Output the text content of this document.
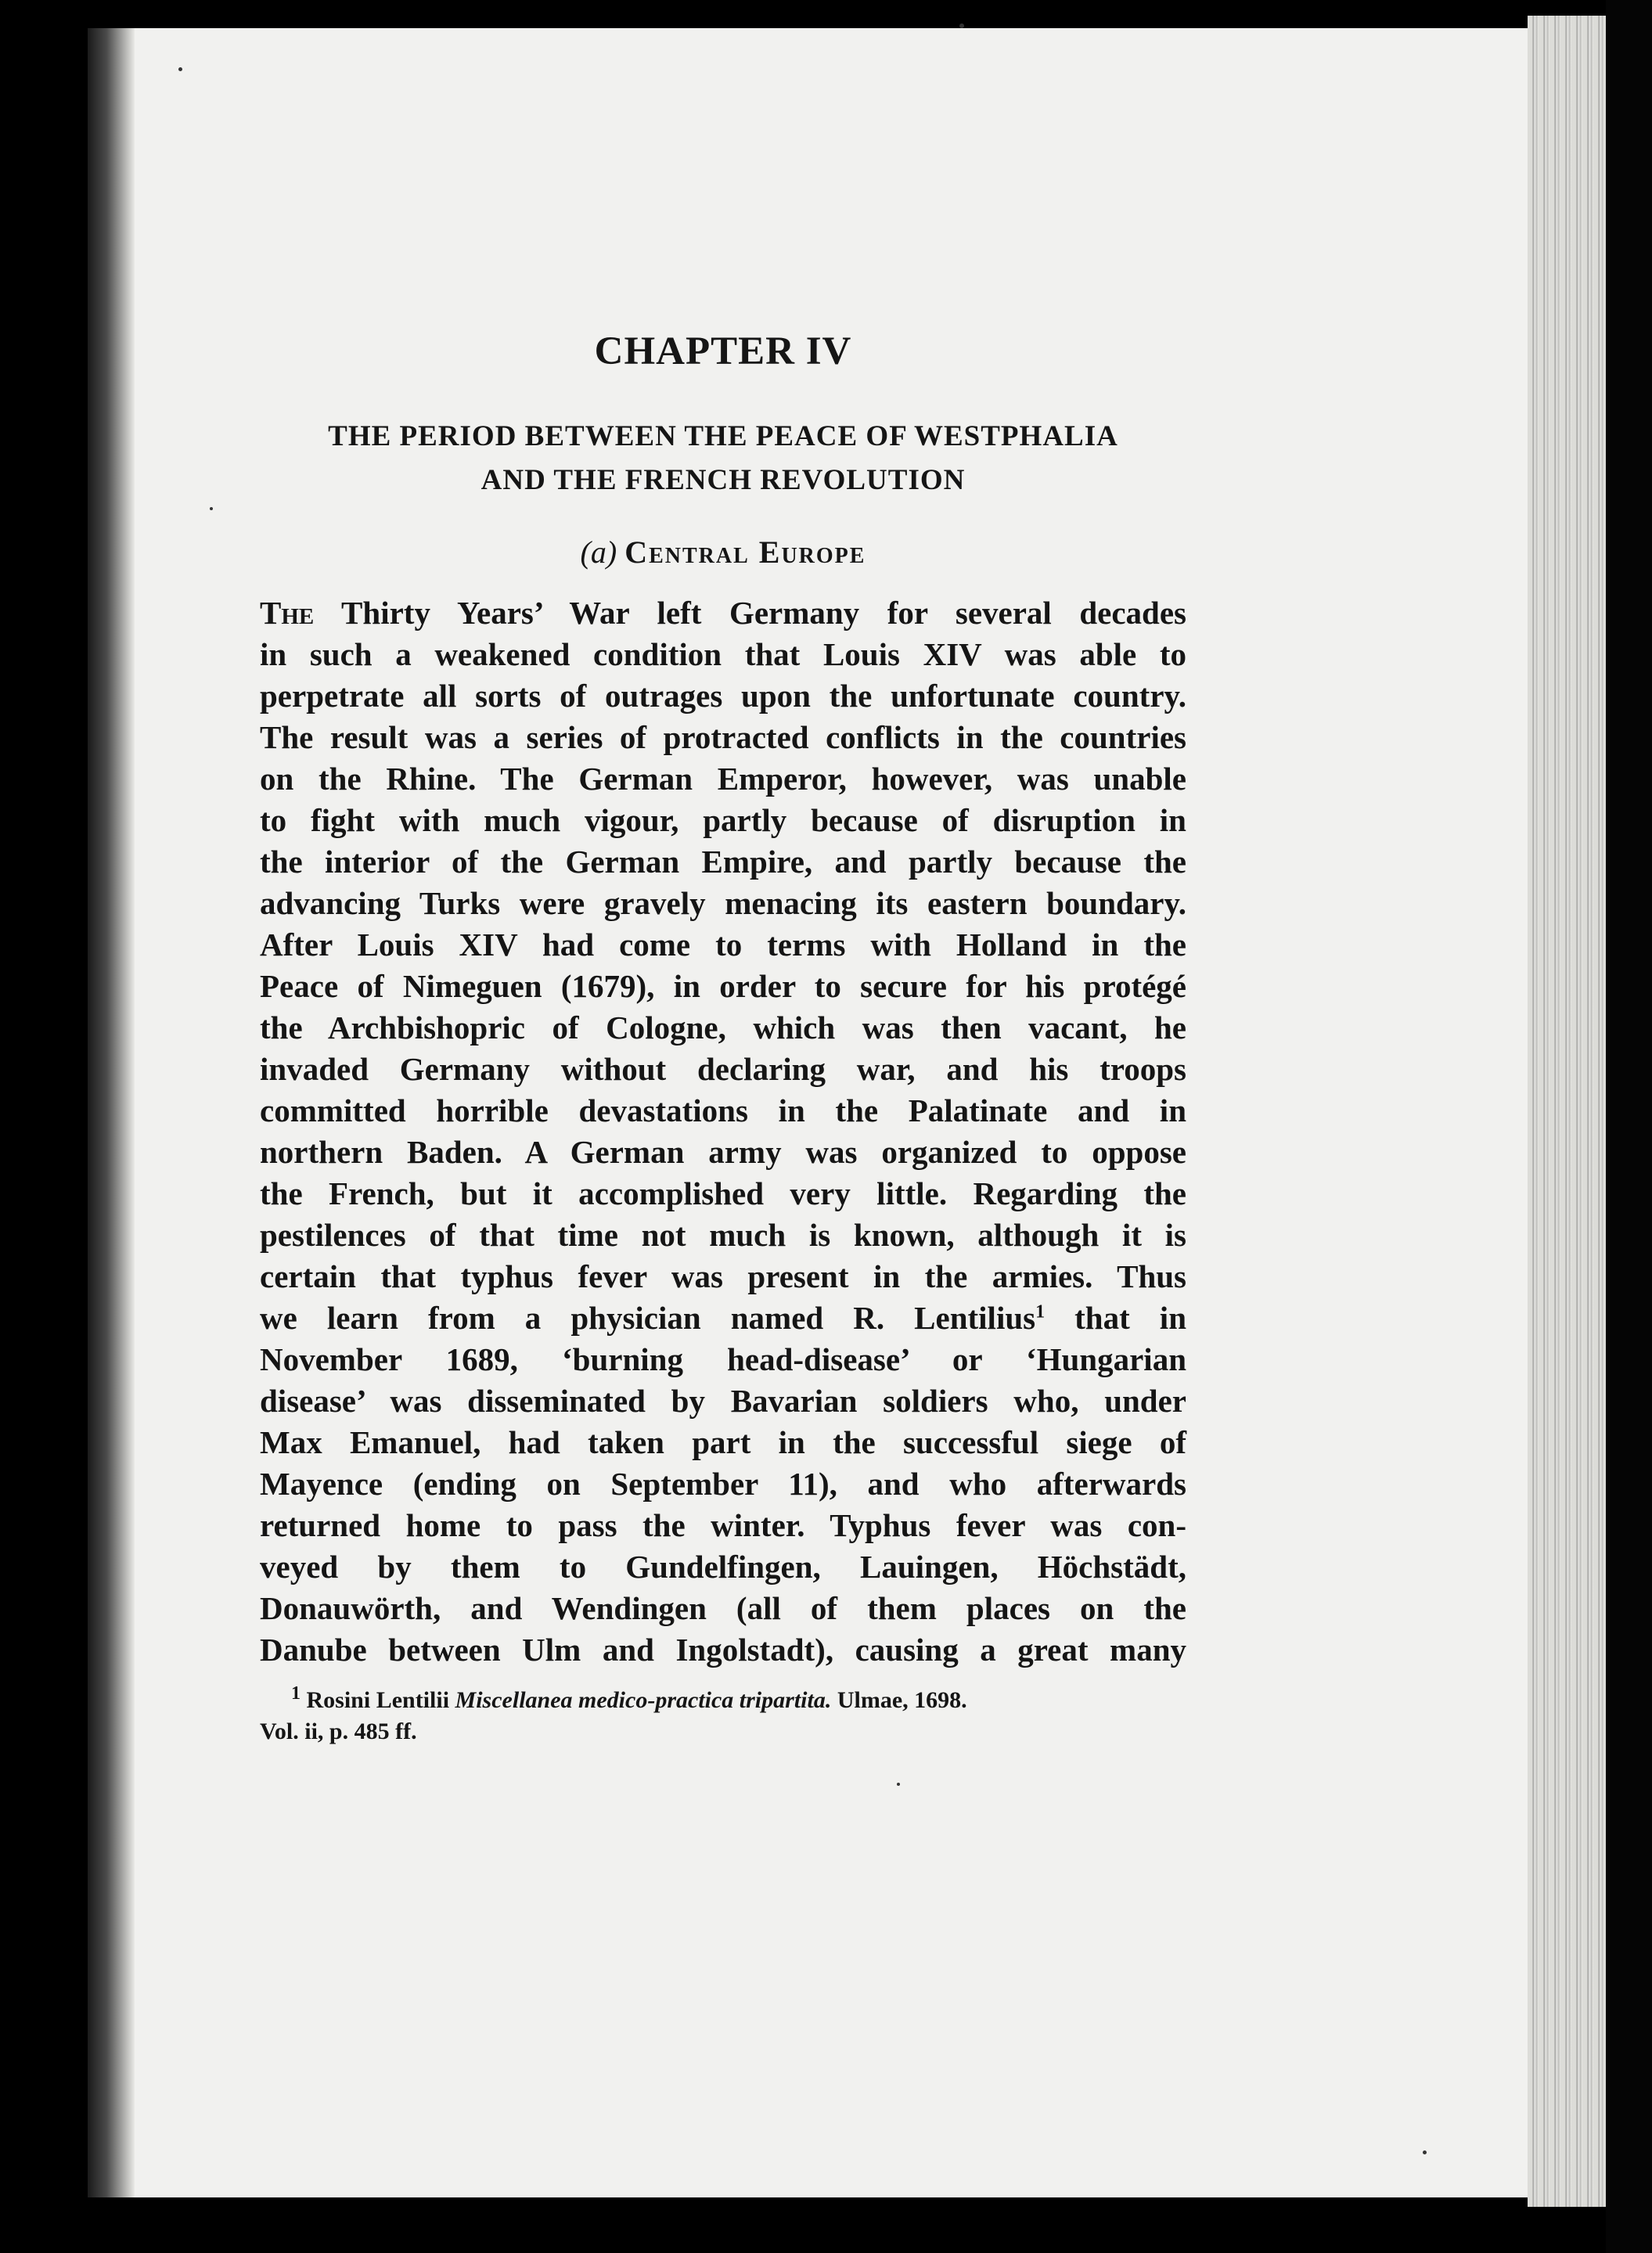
CHAPTER IV
THE PERIOD BETWEEN THE PEACE OF WESTPHALIA
AND THE FRENCH REVOLUTION
(a) Central Europe
The Thirty Years’ War left Germany for several decades
in such a weakened condition that Louis XIV was able to
perpetrate all sorts of outrages upon the unfortunate country.
The result was a series of protracted conflicts in the countries
on the Rhine. The German Emperor, however, was unable
to fight with much vigour, partly because of disruption in
the interior of the German Empire, and partly because the
advancing Turks were gravely menacing its eastern boundary.
After Louis XIV had come to terms with Holland in the
Peace of Nimeguen (1679), in order to secure for his protégé
the Archbishopric of Cologne, which was then vacant, he
invaded Germany without declaring war, and his troops
committed horrible devastations in the Palatinate and in
northern Baden. A German army was organized to oppose
the French, but it accomplished very little. Regarding the
pestilences of that time not much is known, although it is
certain that typhus fever was present in the armies. Thus
we learn from a physician named R. Lentilius$^1$ that in
November 1689, ‘burning head-disease’ or ‘Hungarian
disease’ was disseminated by Bavarian soldiers who, under
Max Emanuel, had taken part in the successful siege of
Mayence (ending on September 11), and who afterwards
returned home to pass the winter. Typhus fever was con-
veyed by them to Gundelfingen, Lauingen, Höchstädt,
Donauwörth, and Wendingen (all of them places on the
Danube between Ulm and Ingolstadt), causing a great many
$^1$ Rosini Lentilii Miscellanea medico-practica tripartita. Ulmae, 1698.
Vol. ii, p. 485 ff.
